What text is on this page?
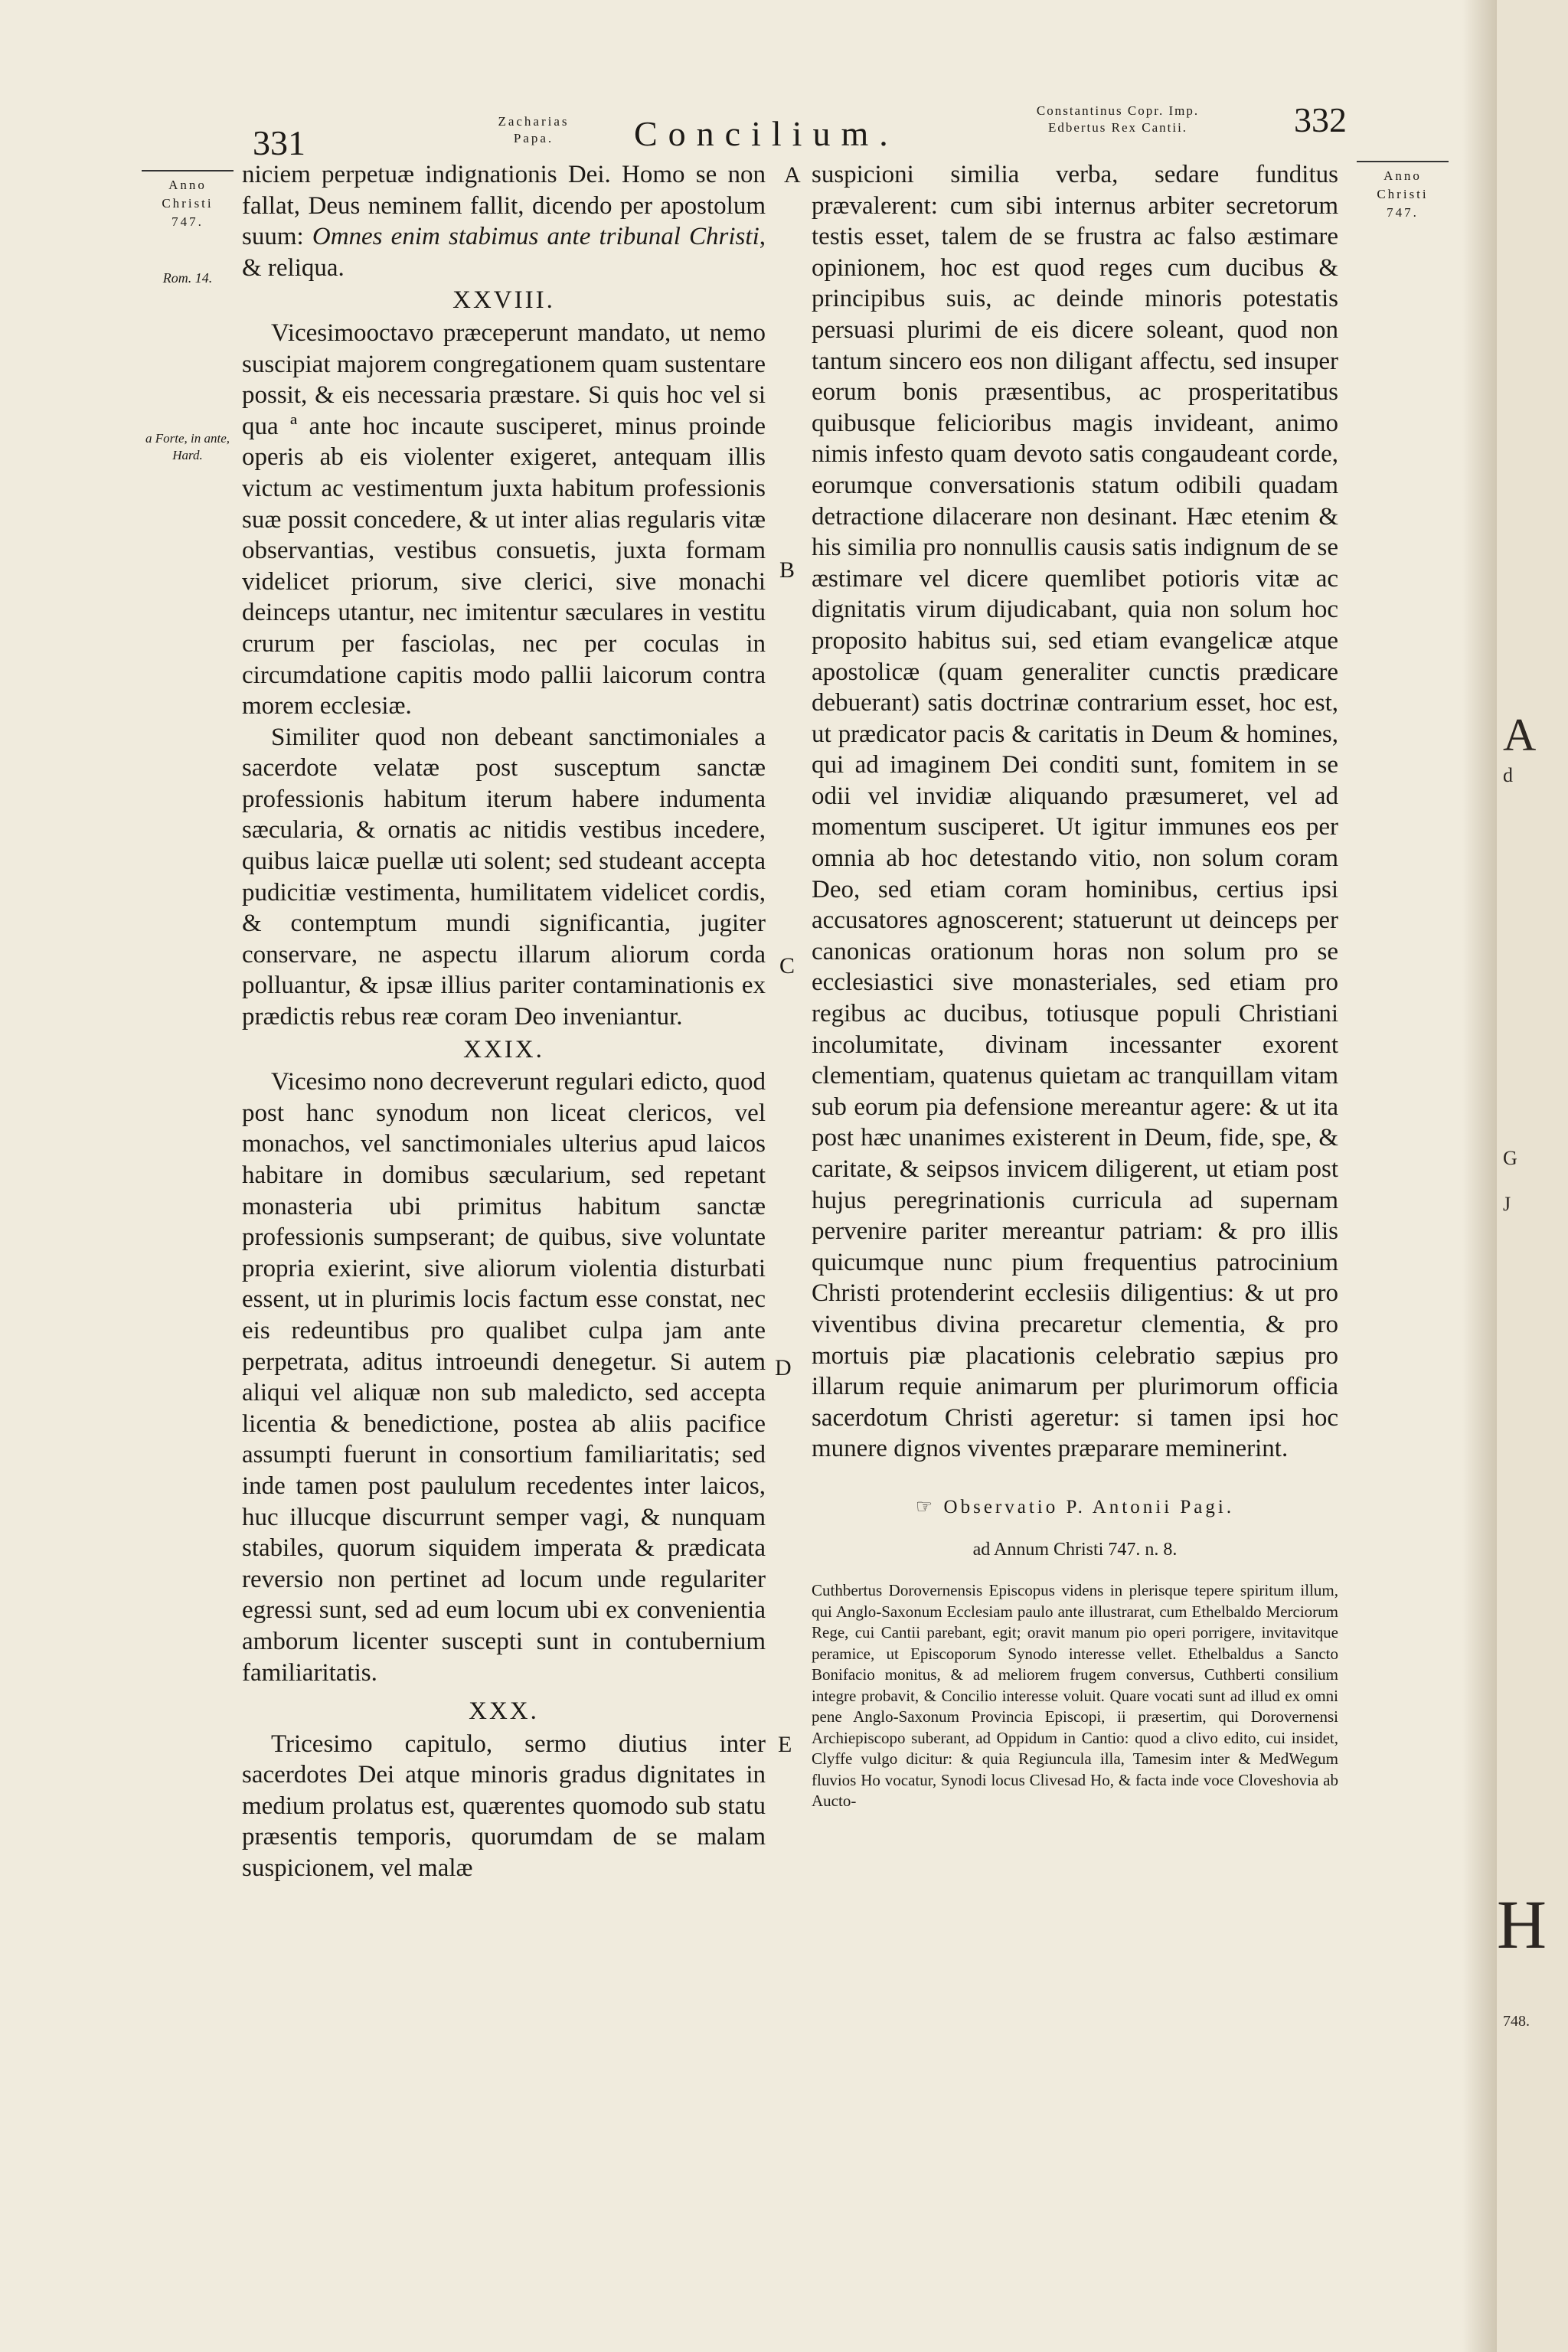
331
Zacharias
Papa.	Concilium.
Constantinus Copr. Imp.
Edbertus Rex Cantii.	332
Anno
Christi
747.
Rom. 14.
a Forte, in ante, Hard.
Anno
Christi
747.
A
B
C
D
E

niciem perpetuæ indignationis Dei. Homo se non fallat, Deus neminem fallit, dicendo per apostolum suum: Omnes enim stabimus ante tribunal Christi, & reliqua.

XXVIII.

Vicesimooctavo præceperunt mandato, ut nemo suscipiat majorem congregationem quam sustentare possit, & eis necessaria præstare. Si quis hoc vel si qua ª ante hoc incaute susciperet, minus proinde operis ab eis violenter exigeret, antequam illis victum ac vestimentum juxta habitum professionis suæ possit concedere, & ut inter alias regularis vitæ observantias, vestibus consuetis, juxta formam videlicet priorum, sive clerici, sive monachi deinceps utantur, nec imitentur sæculares in vestitu crurum per fasciolas, nec per coculas in circumdatione capitis modo pallii laicorum contra morem ecclesiæ.

Similiter quod non debeant sanctimoniales a sacerdote velatæ post susceptum sanctæ professionis habitum iterum habere indumenta sæcularia, & ornatis ac nitidis vestibus incedere, quibus laicæ puellæ uti solent; sed studeant accepta pudicitiæ vestimenta, humilitatem videlicet cordis, & contemptum mundi significantia, jugiter conservare, ne aspectu illarum aliorum corda polluantur, & ipsæ illius pariter contaminationis ex prædictis rebus reæ coram Deo inveniantur.

XXIX.

Vicesimo nono decreverunt regulari edicto, quod post hanc synodum non liceat clericos, vel monachos, vel sanctimoniales ulterius apud laicos habitare in domibus sæcularium, sed repetant monasteria ubi primitus habitum sanctæ professionis sumpserant; de quibus, sive voluntate propria exierint, sive aliorum violentia disturbati essent, ut in plurimis locis factum esse constat, nec eis redeuntibus pro qualibet culpa jam ante perpetrata, aditus introeundi denegetur. Si autem aliqui vel aliquæ non sub maledicto, sed accepta licentia & benedictione, postea ab aliis pacifice assumpti fuerunt in consortium familiaritatis; sed inde tamen post paululum recedentes inter laicos, huc illucque discurrunt semper vagi, & nunquam stabiles, quorum siquidem imperata & prædicata reversio non pertinet ad locum unde regulariter egressi sunt, sed ad eum locum ubi ex convenientia amborum licenter suscepti sunt in contubernium familiaritatis.

XXX.

Tricesimo capitulo, sermo diutius inter sacerdotes Dei atque minoris gradus dignitates in medium prolatus est, quærentes quomodo sub statu præsentis temporis, quorumdam de se malam suspicionem, vel malæ

suspicioni similia verba, sedare funditus prævalerent: cum sibi internus arbiter secretorum testis esset, talem de se frustra ac falso æstimare opinionem, hoc est quod reges cum ducibus & principibus suis, ac deinde minoris potestatis persuasi plurimi de eis dicere soleant, quod non tantum sincero eos non diligant affectu, sed insuper eorum bonis præsentibus, ac prosperitatibus quibusque felicioribus magis invideant, animo nimis infesto quam devoto satis congaudeant corde, eorumque conversationis statum odibili quadam detractione dilacerare non desinant. Hæc etenim & his similia pro nonnullis causis satis indignum de se æstimare vel dicere quemlibet potioris vitæ ac dignitatis virum dijudicabant, quia non solum hoc proposito habitus sui, sed etiam evangelicæ atque apostolicæ (quam generaliter cunctis prædicare debuerant) satis doctrinæ contrarium esset, hoc est, ut prædicator pacis & caritatis in Deum & homines, qui ad imaginem Dei conditi sunt, fomitem in se odii vel invidiæ aliquando præsumeret, vel ad momentum susciperet. Ut igitur immunes eos per omnia ab hoc detestando vitio, non solum coram Deo, sed etiam coram hominibus, certius ipsi accusatores agnoscerent; statuerunt ut deinceps per canonicas orationum horas non solum pro se ecclesiastici sive monasteriales, sed etiam pro regibus ac ducibus, totiusque populi Christiani incolumitate, divinam incessanter exorent clementiam, quatenus quietam ac tranquillam vitam sub eorum pia defensione mereantur agere: & ut ita post hæc unanimes existerent in Deum, fide, spe, & caritate, & seipsos invicem diligerent, ut etiam post hujus peregrinationis curricula ad supernam pervenire pariter mereantur patriam: & pro illis quicumque nunc pium frequentius patrocinium Christi protenderint ecclesiis diligentius: & ut pro viventibus divina precaretur clementia, & pro mortuis piæ placationis celebratio sæpius pro illarum requie animarum per plurimorum officia sacerdotum Christi ageretur: si tamen ipsi hoc munere dignos viventes præparare meminerint.

☞ Observatio P. Antonii Pagi.
ad Annum Christi 747. n. 8.
Cuthbertus Dorovernensis Episcopus videns in plerisque tepere spiritum illum, qui Anglo-Saxonum Ecclesiam paulo ante illustrarat, cum Ethelbaldo Merciorum Rege, cui Cantii parebant, egit; oravit manum pio operi porrigere, invitavitque peramice, ut Episcoporum Synodo interesse vellet. Ethelbaldus a Sancto Bonifacio monitus, & ad meliorem frugem conversus, Cuthberti consilium integre probavit, & Concilio interesse voluit. Quare vocati sunt ad illud ex omni pene Anglo-Saxonum Provincia Episcopi, ii præsertim, qui Dorovernensi Archiepiscopo suberant, ad Oppidum in Cantio: quod a clivo edito, cui insidet, Clyffe vulgo dicitur: & quia Regiuncula illa, Tamesim inter & MedWegum fluvios Ho vocatur, Synodi locus Clivesad Ho, & facta inde voce Cloveshovia ab Aucto-
A
G
J
d
H
748.
